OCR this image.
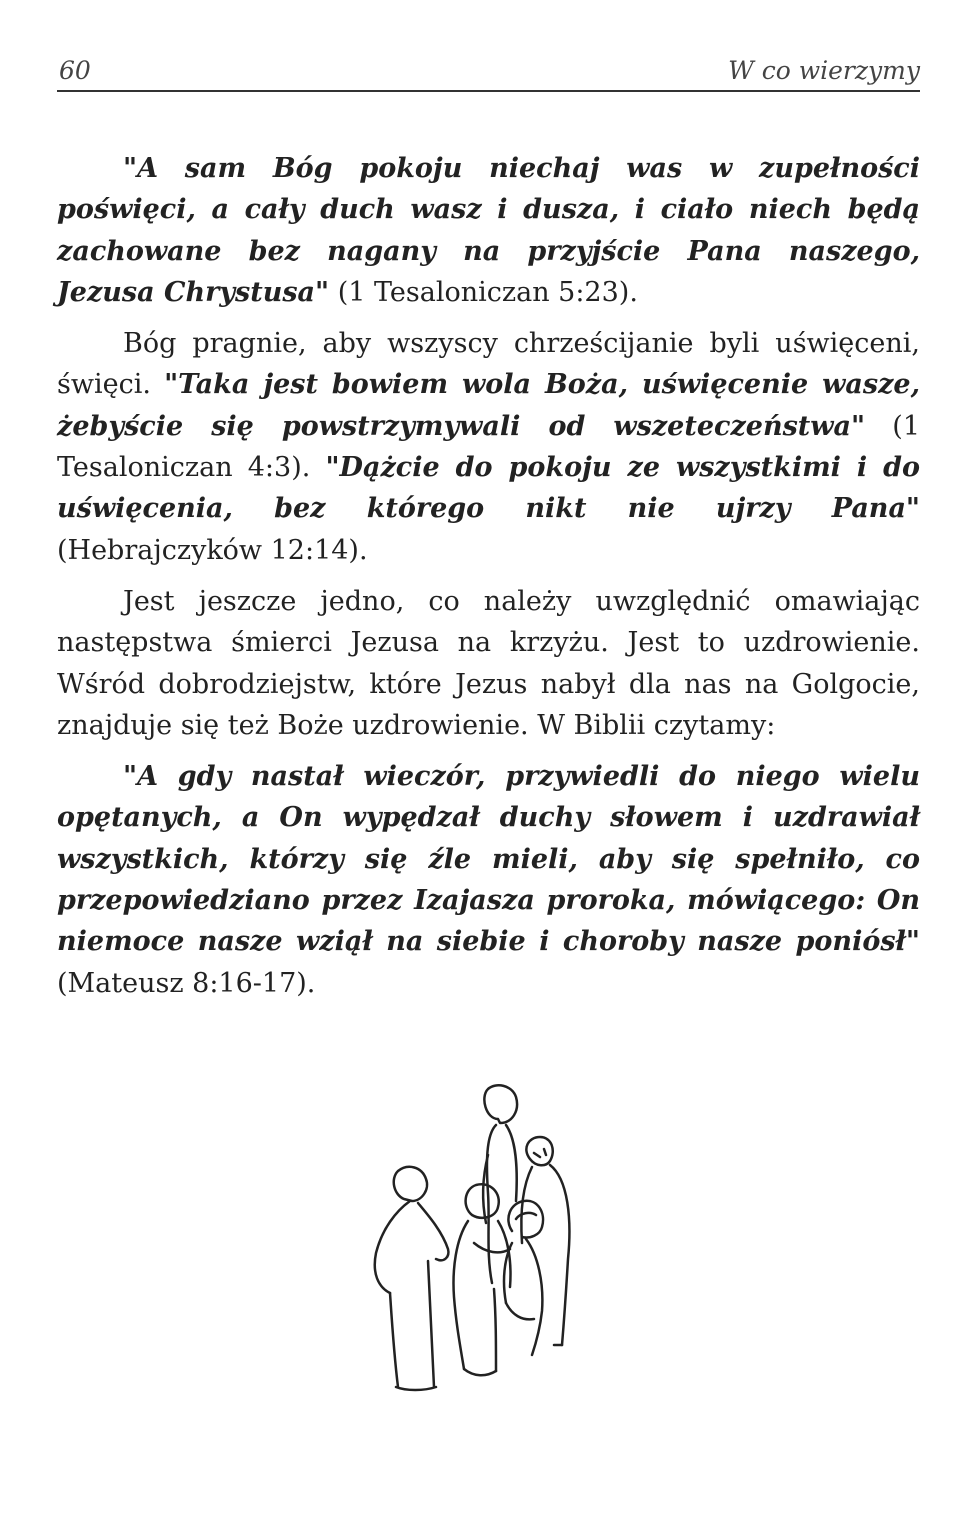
60	W co wierzymy

"A sam Bóg pokoju niechaj was w zupełności poświęci, a cały duch wasz i dusza, i ciało niech będą zachowane bez nagany na przyjście Pana naszego, Jezusa Chrystusa" (1 Tesaloniczan 5:23).

Bóg pragnie, aby wszyscy chrześcijanie byli uświęceni, święci. "Taka jest bowiem wola Boża, uświęcenie wasze, żebyście się powstrzymywali od wszeteczeństwa" (1 Tesaloniczan 4:3). "Dążcie do pokoju ze wszystkimi i do uświęcenia, bez którego nikt nie ujrzy Pana" (Hebrajczyków 12:14).

Jest jeszcze jedno, co należy uwzględnić omawiając następstwa śmierci Jezusa na krzyżu. Jest to uzdrowienie. Wśród dobrodziejstw, które Jezus nabył dla nas na Golgocie, znajduje się też Boże uzdrowienie. W Biblii czytamy:

"A gdy nastał wieczór, przywiedli do niego wielu opętanych, a On wypędzał duchy słowem i uzdrawiał wszystkich, którzy się źle mieli, aby się spełniło, co przepowiedziano przez Izajasza proroka, mówiącego: On niemoce nasze wziął na siebie i choroby nasze poniósł" (Mateusz 8:16-17).
